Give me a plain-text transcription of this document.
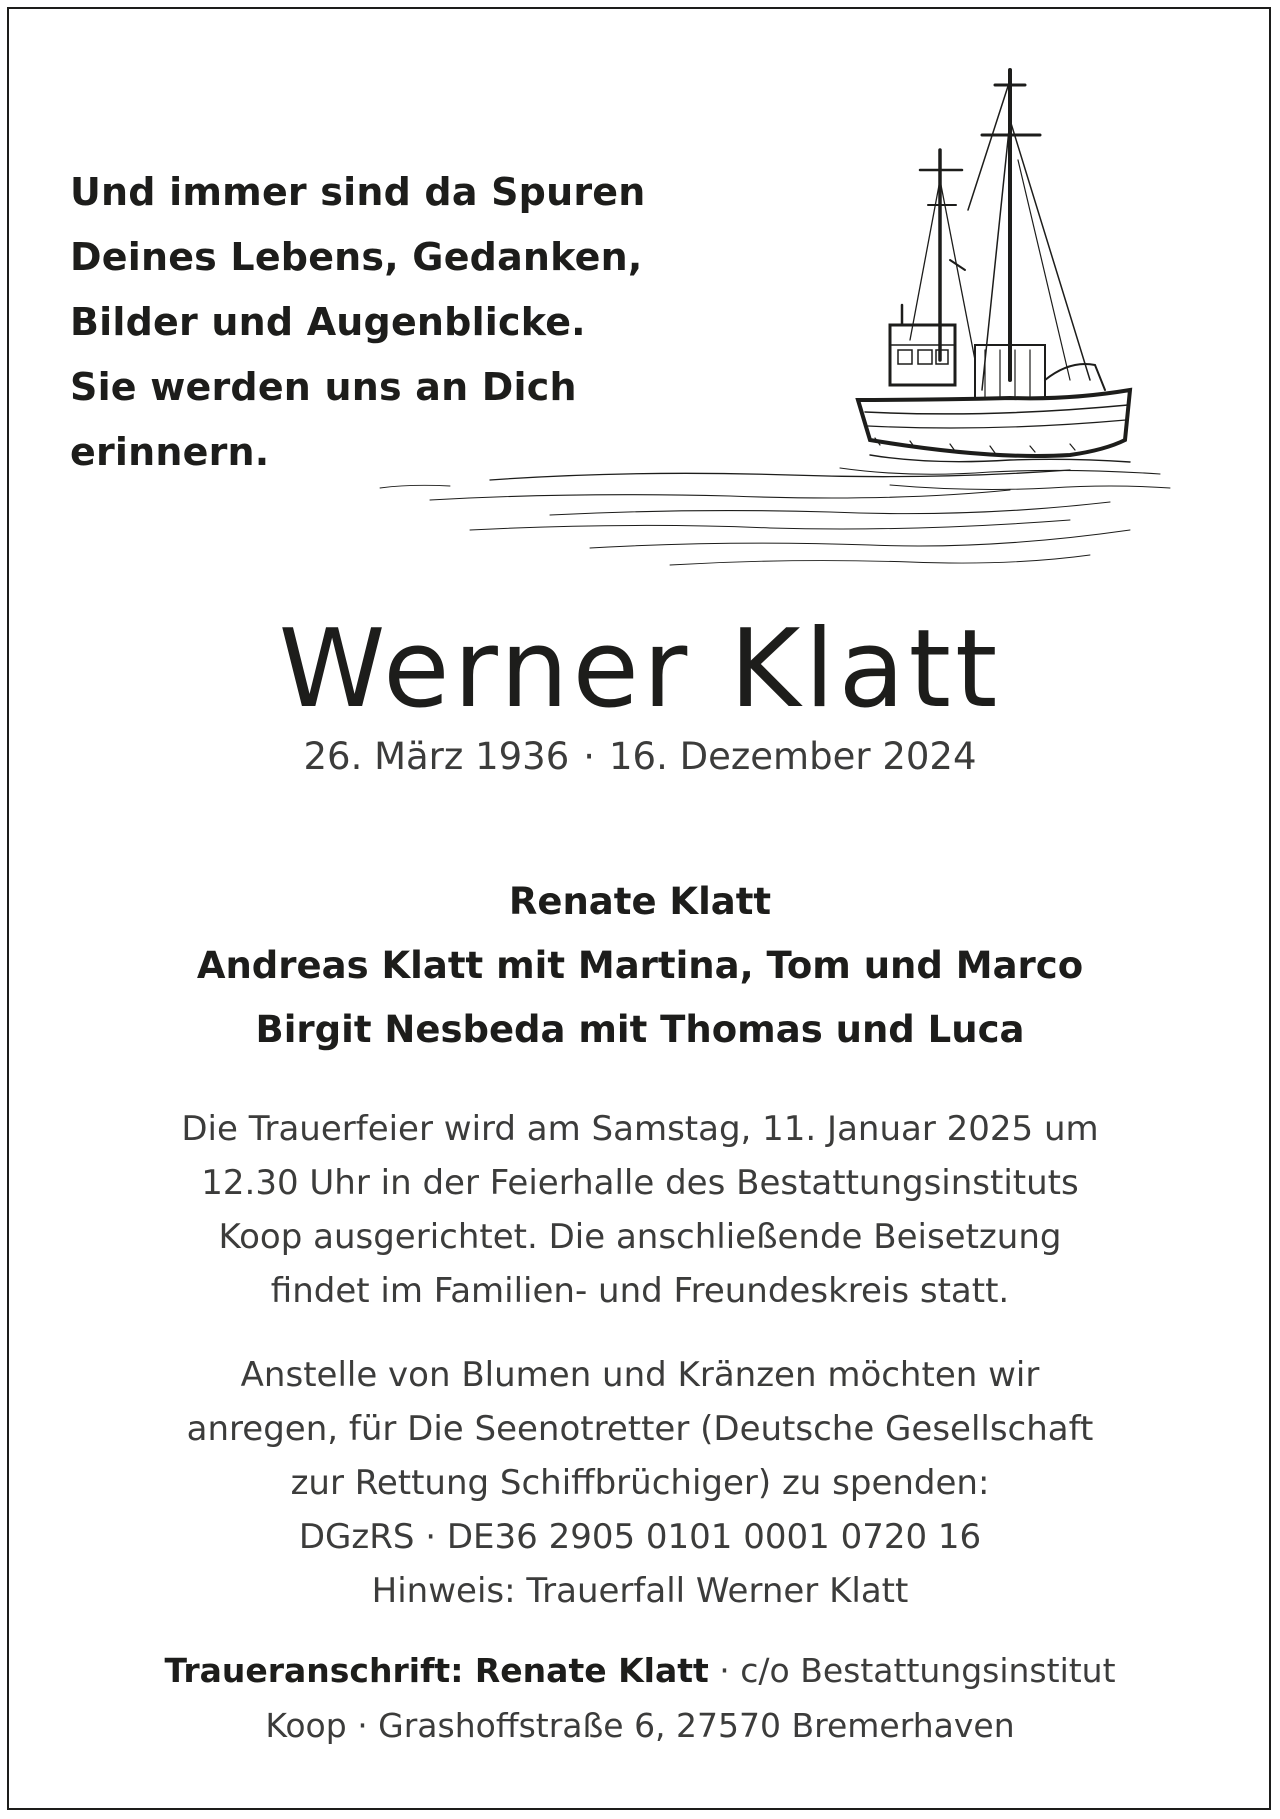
Und immer sind da Spuren
Deines Lebens, Gedanken,
Bilder und Augenblicke.
Sie werden uns an Dich
erinnern.
Werner Klatt
26. März 1936 · 16. Dezember 2024
Renate Klatt
Andreas Klatt mit Martina, Tom und Marco
Birgit Nesbeda mit Thomas und Luca
Die Trauerfeier wird am Samstag, 11. Januar 2025 um
12.30 Uhr in der Feierhalle des Bestattungsinstituts
Koop ausgerichtet. Die anschließende Beisetzung
findet im Familien- und Freundeskreis statt.
Anstelle von Blumen und Kränzen möchten wir
anregen, für Die Seenotretter (Deutsche Gesellschaft
zur Rettung Schiffbrüchiger) zu spenden:
DGzRS · DE36 2905 0101 0001 0720 16
Hinweis: Trauerfall Werner Klatt
Traueranschrift: Renate Klatt · c/o Bestattungsinstitut
Koop · Grashoffstraße 6, 27570 Bremerhaven
